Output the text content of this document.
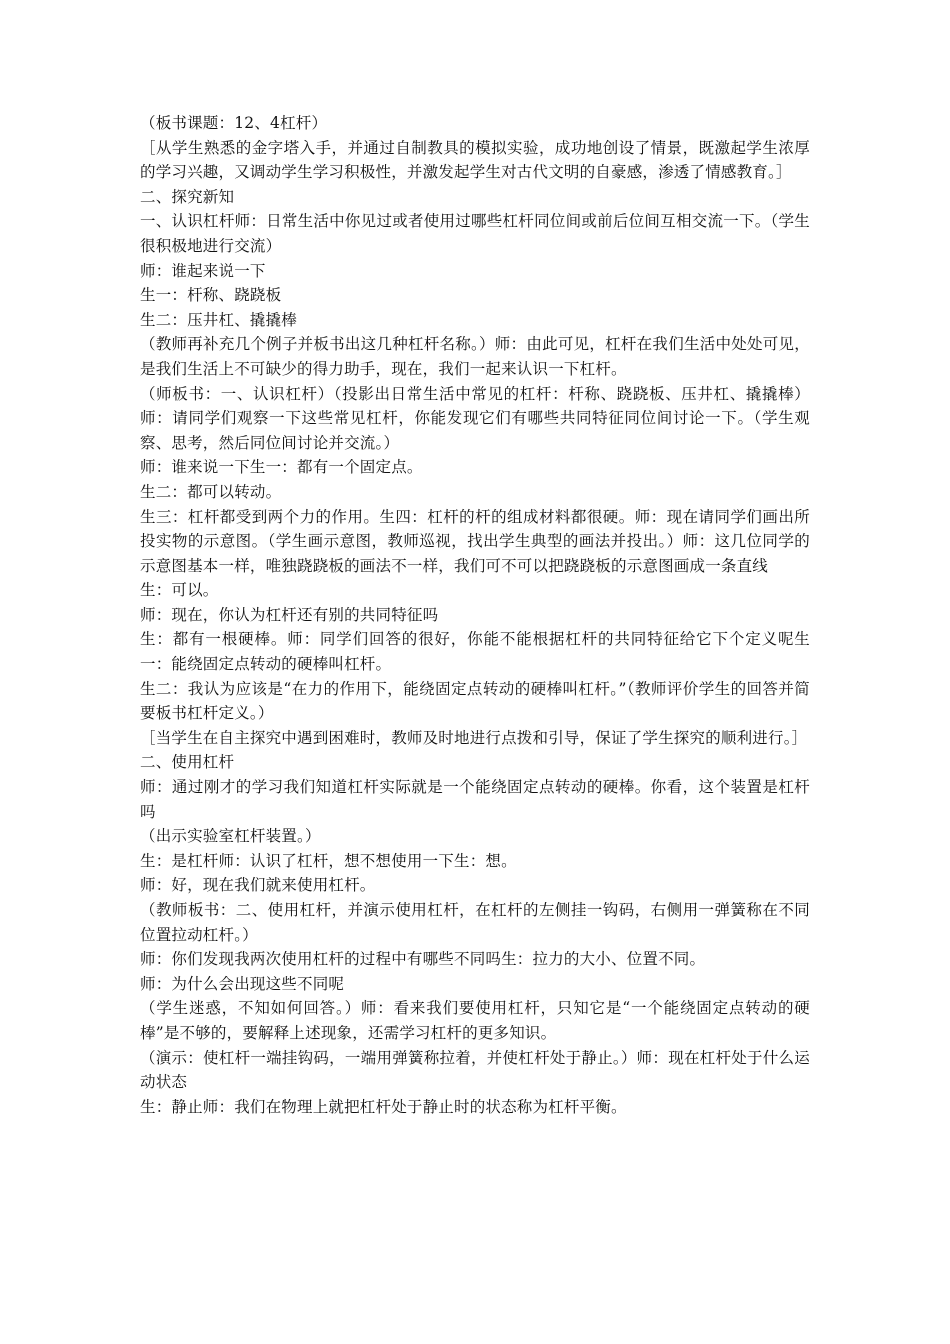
（板书课题：12、4杠杆）

［从学生熟悉的金字塔入手，并通过自制教具的模拟实验，成功地创设了情景，既激起学生浓厚的学习兴趣，又调动学生学习积极性，并激发起学生对古代文明的自豪感，渗透了情感教育。］

二、探究新知

一、认识杠杆师：日常生活中你见过或者使用过哪些杠杆同位间或前后位间互相交流一下。（学生很积极地进行交流）

师：谁起来说一下

生一：杆称、跷跷板

生二：压井杠、撬撬棒

（教师再补充几个例子并板书出这几种杠杆名称。）师：由此可见，杠杆在我们生活中处处可见，是我们生活上不可缺少的得力助手，现在，我们一起来认识一下杠杆。

（师板书：一、认识杠杆）（投影出日常生活中常见的杠杆：杆称、跷跷板、压井杠、撬撬棒）师：请同学们观察一下这些常见杠杆，你能发现它们有哪些共同特征同位间讨论一下。（学生观察、思考，然后同位间讨论并交流。）

师：谁来说一下生一：都有一个固定点。

生二：都可以转动。

生三：杠杆都受到两个力的作用。生四：杠杆的杆的组成材料都很硬。师：现在请同学们画出所投实物的示意图。（学生画示意图，教师巡视，找出学生典型的画法并投出。）师：这几位同学的示意图基本一样，唯独跷跷板的画法不一样，我们可不可以把跷跷板的示意图画成一条直线

生：可以。

师：现在，你认为杠杆还有别的共同特征吗

生：都有一根硬棒。师：同学们回答的很好，你能不能根据杠杆的共同特征给它下个定义呢生一：能绕固定点转动的硬棒叫杠杆。

生二：我认为应该是“在力的作用下，能绕固定点转动的硬棒叫杠杆。”（教师评价学生的回答并简要板书杠杆定义。）

［当学生在自主探究中遇到困难时，教师及时地进行点拨和引导，保证了学生探究的顺利进行。］

二、使用杠杆

师：通过刚才的学习我们知道杠杆实际就是一个能绕固定点转动的硬棒。你看，这个装置是杠杆吗

（出示实验室杠杆装置。）

生：是杠杆师：认识了杠杆，想不想使用一下生：想。

师：好，现在我们就来使用杠杆。

（教师板书：二、使用杠杆，并演示使用杠杆，在杠杆的左侧挂一钩码，右侧用一弹簧称在不同位置拉动杠杆。）

师：你们发现我两次使用杠杆的过程中有哪些不同吗生：拉力的大小、位置不同。

师：为什么会出现这些不同呢

（学生迷惑，不知如何回答。）师：看来我们要使用杠杆，只知它是“一个能绕固定点转动的硬棒”是不够的，要解释上述现象，还需学习杠杆的更多知识。

（演示：使杠杆一端挂钩码，一端用弹簧称拉着，并使杠杆处于静止。）师：现在杠杆处于什么运动状态

生：静止师：我们在物理上就把杠杆处于静止时的状态称为杠杆平衡。
